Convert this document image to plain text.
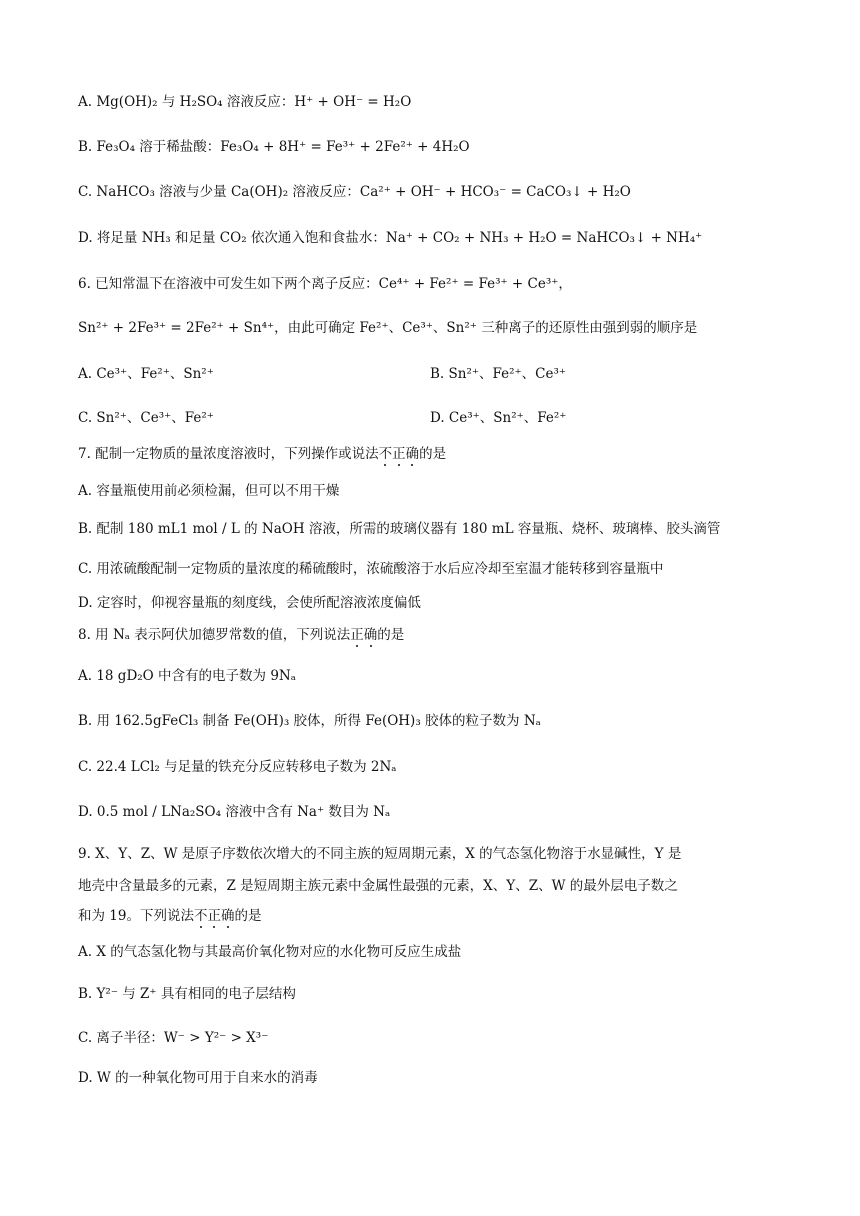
A. Mg(OH)₂ 与 H₂SO₄ 溶液反应：H⁺ + OH⁻ = H₂O
B. Fe₃O₄ 溶于稀盐酸：Fe₃O₄ + 8H⁺ = Fe³⁺ + 2Fe²⁺ + 4H₂O
C. NaHCO₃ 溶液与少量 Ca(OH)₂ 溶液反应：Ca²⁺ + OH⁻ + HCO₃⁻ = CaCO₃↓ + H₂O
D. 将足量 NH₃ 和足量 CO₂ 依次通入饱和食盐水：Na⁺ + CO₂ + NH₃ + H₂O = NaHCO₃↓ + NH₄⁺
6. 已知常温下在溶液中可发生如下两个离子反应：Ce⁴⁺ + Fe²⁺ = Fe³⁺ + Ce³⁺，
Sn²⁺ + 2Fe³⁺ = 2Fe²⁺ + Sn⁴⁺，由此可确定 Fe²⁺、Ce³⁺、Sn²⁺ 三种离子的还原性由强到弱的顺序是
A. Ce³⁺、Fe²⁺、Sn²⁺	B. Sn²⁺、Fe²⁺、Ce³⁺
C. Sn²⁺、Ce³⁺、Fe²⁺	D. Ce³⁺、Sn²⁺、Fe²⁺
7. 配制一定物质的量浓度溶液时，下列操作或说法不正确的是
A. 容量瓶使用前必须检漏，但可以不用干燥
B. 配制 180 mL1 mol / L 的 NaOH 溶液，所需的玻璃仪器有 180 mL 容量瓶、烧杯、玻璃棒、胶头滴管
C. 用浓硫酸配制一定物质的量浓度的稀硫酸时，浓硫酸溶于水后应冷却至室温才能转移到容量瓶中
D. 定容时，仰视容量瓶的刻度线，会使所配溶液浓度偏低
8. 用 Nₐ 表示阿伏加德罗常数的值，下列说法正确的是
A. 18 gD₂O 中含有的电子数为 9Nₐ
B. 用 162.5gFeCl₃ 制备 Fe(OH)₃ 胶体，所得 Fe(OH)₃ 胶体的粒子数为 Nₐ
C. 22.4 LCl₂ 与足量的铁充分反应转移电子数为 2Nₐ
D. 0.5 mol / LNa₂SO₄ 溶液中含有 Na⁺ 数目为 Nₐ
9. X、Y、Z、W 是原子序数依次增大的不同主族的短周期元素，X 的气态氢化物溶于水显碱性，Y 是
地壳中含量最多的元素，Z 是短周期主族元素中金属性最强的元素，X、Y、Z、W 的最外层电子数之
和为 19。下列说法不正确的是
A. X 的气态氢化物与其最高价氧化物对应的水化物可反应生成盐
B. Y²⁻ 与 Z⁺ 具有相同的电子层结构
C. 离子半径：W⁻ > Y²⁻ > X³⁻
D. W 的一种氧化物可用于自来水的消毒
